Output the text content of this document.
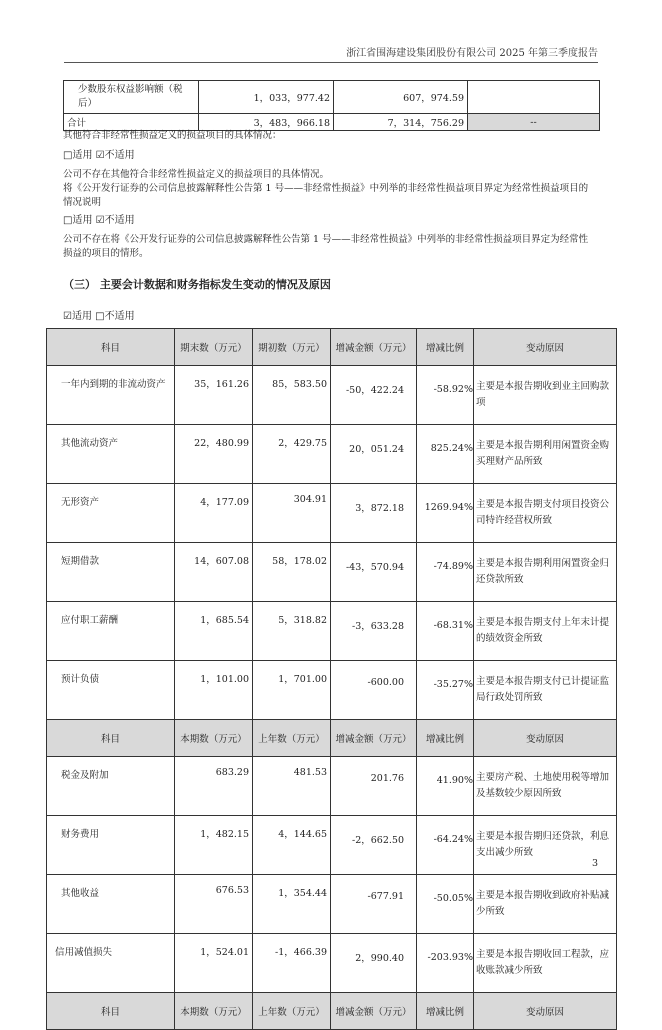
浙江省围海建设集团股份有限公司 2025 年第三季度报告
少数股东权益影响额（税后）	1，033，977.42	607，974.59	
合计	3，483，966.18	7，314，756.29	--
其他符合非经常性损益定义的损益项目的具体情况：
□适用 ☑不适用
公司不存在其他符合非经常性损益定义的损益项目的具体情况。
将《公开发行证券的公司信息披露解释性公告第 1 号——非经常性损益》中列举的非经常性损益项目界定为经常性损益项目的情况说明
□适用 ☑不适用
公司不存在将《公开发行证券的公司信息披露解释性公告第 1 号——非经常性损益》中列举的非经常性损益项目界定为经常性损益的项目的情形。
（三） 主要会计数据和财务指标发生变动的情况及原因
☑适用 □不适用
科目	期末数（万元）	期初数（万元）	增减金额（万元）	增减比例	变动原因
一年内到期的非流动资产	35，161.26	85，583.50	-50，422.24	-58.92%	主要是本报告期收到业主回购款项
其他流动资产	22，480.99	2，429.75	20，051.24	825.24%	主要是本报告期利用闲置资金购买理财产品所致
无形资产	4，177.09	304.91	3，872.18	1269.94%	主要是本报告期支付项目投资公司特许经营权所致
短期借款	14，607.08	58，178.02	-43，570.94	-74.89%	主要是本报告期利用闲置资金归还贷款所致
应付职工薪酬	1，685.54	5，318.82	-3，633.28	-68.31%	主要是本报告期支付上年末计提的绩效资金所致
预计负债	1，101.00	1，701.00	-600.00	-35.27%	主要是本报告期支付已计提证监局行政处罚所致
科目	本期数（万元）	上年数（万元）	增减金额（万元）	增减比例	变动原因
税金及附加	683.29	481.53	201.76	41.90%	主要房产税、土地使用税等增加及基数较少原因所致
财务费用	1，482.15	4，144.65	-2，662.50	-64.24%	主要是本报告期归还贷款，利息支出减少所致
其他收益	676.53	1，354.44	-677.91	-50.05%	主要是本报告期收到政府补贴减少所致
信用减值损失	1，524.01	-1，466.39	2，990.40	-203.93%	主要是本报告期收回工程款，应收账款减少所致
科目	本期数（万元）	上年数（万元）	增减金额（万元）	增减比例	变动原因
3
